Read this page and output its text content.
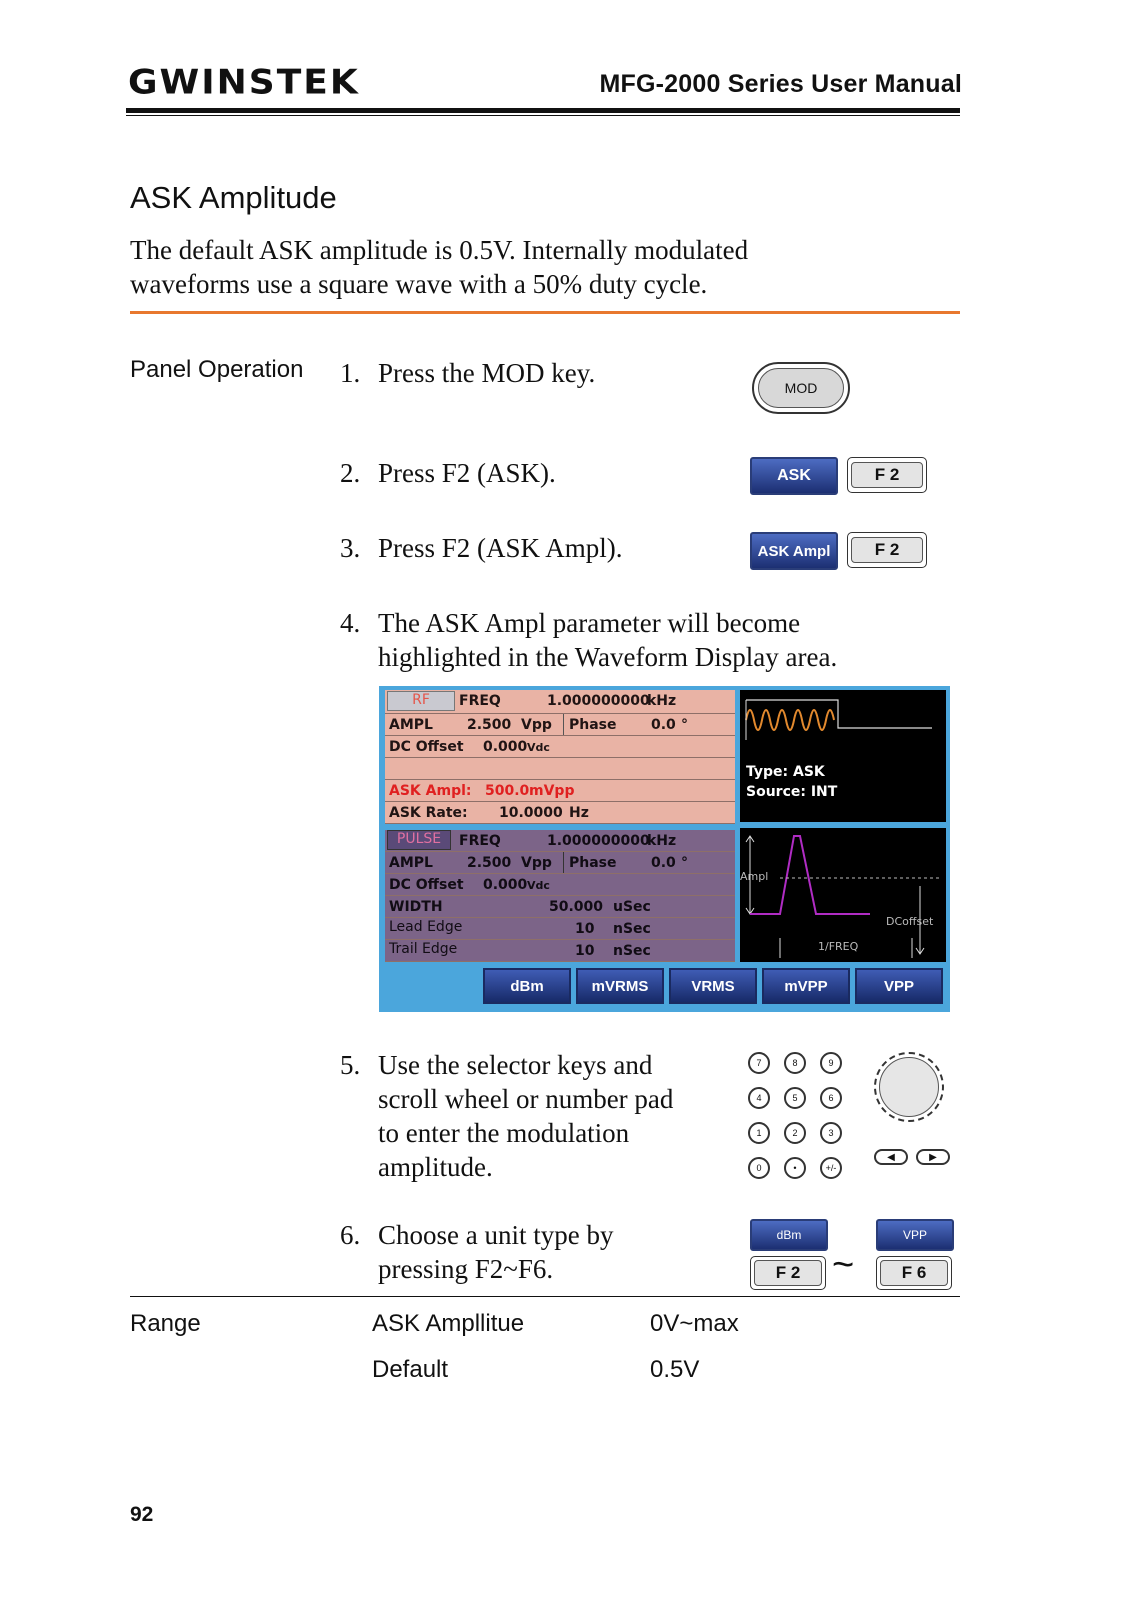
GWINSTEK	MFG-2000 Series User Manual
ASK Amplitude
The default ASK amplitude is 0.5V. Internally modulated waveforms use a square wave with a 50% duty cycle.
Panel Operation 1. Press the MOD key.	MOD
2. Press F2 (ASK).	ASK	F 2
3. Press F2 (ASK Ampl).	ASK Ampl	F 2
4. The ASK Ampl parameter will become
highlighted in the Waveform Display area.
RF	FREQ	1.000000000
kHz
AMPL 2.500 Vpp Phase 0.0 °
DC Offset 0.000 Vdc
ASK Ampl: 500.0 mVpp
ASK Rate: 10.0000 Hz
Type: ASK
Source: INT
PULSE	FREQ	1.000000000
kHz
AMPL 2.500 Vpp Phase 0.0 °
DC Offset 0.000 Vdc
WIDTH	50.000 uSec
Lead Edge	10 nSec
Trail Edge	10 nSec
Ampl
DCoffset
1/FREQ
dBm	mVRMS	VRMS	mVPP	VPP
5. Use the selector keys and
scroll wheel or number pad
to enter the modulation
amplitude.
7	8	9
4	5	6
1	2	3
0	•	+/-
◀	▶
6. Choose a unit type by
pressing F2~F6.
dBm	VPP
F 2 ~	F 6
Range	ASK Ampllitue	0V~max
Default	0.5V
92
